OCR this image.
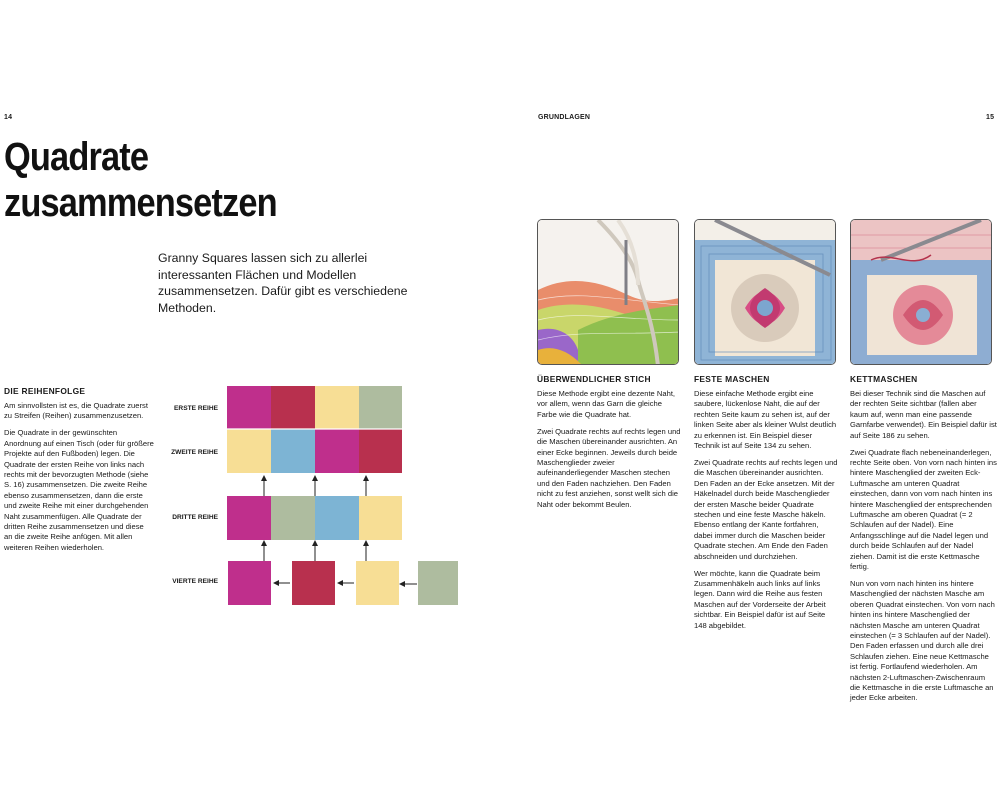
14
Quadrate
zusammensetzen
Granny Squares lassen sich zu allerlei interessanten Flächen und Modellen zusammensetzen. Dafür gibt es verschiedene Methoden.
DIE REIHENFOLGE

Am sinnvollsten ist es, die Quadrate zuerst zu Streifen (Reihen) zusammenzusetzen.

Die Quadrate in der gewünschten Anordnung auf einen Tisch (oder für größere Projekte auf den Fußboden) legen. Die Quadrate der ersten Reihe von links nach rechts mit der bevorzugten Methode (siehe S. 16) zusammensetzen. Die zweite Reihe ebenso zusammensetzen, dann die erste und zweite Reihe mit einer durchgehenden Naht zusammenfügen. Alle Quadrate der dritten Reihe zusammensetzen und diese an die zweite Reihe anfügen. Mit allen weiteren Reihen wiederholen.

ERSTE REIHE
ZWEITE REIHE
DRITTE REIHE
VIERTE REIHE
GRUNDLAGEN	15
ÜBERWENDLICHER STICH

Diese Methode ergibt eine dezente Naht, vor allem, wenn das Garn die gleiche Farbe wie die Quadrate hat.

Zwei Quadrate rechts auf rechts legen und die Maschen übereinander ausrichten. An einer Ecke beginnen. Jeweils durch beide Maschenglieder zweier aufeinanderliegender Maschen stechen und den Faden nachziehen. Den Faden nicht zu fest anziehen, sonst wellt sich die Naht oder bekommt Beulen.

FESTE MASCHEN

Diese einfache Methode ergibt eine saubere, lückenlose Naht, die auf der rechten Seite kaum zu sehen ist, auf der linken Seite aber als kleiner Wulst deutlich zu erkennen ist. Ein Beispiel dieser Technik ist auf Seite 134 zu sehen.

Zwei Quadrate rechts auf rechts legen und die Maschen übereinander ausrichten. Den Faden an der Ecke ansetzen. Mit der Häkelnadel durch beide Maschenglieder der ersten Masche beider Quadrate stechen und eine feste Masche häkeln. Ebenso entlang der Kante fortfahren, dabei immer durch die Maschen beider Quadrate stechen. Am Ende den Faden abschneiden und durchziehen.

Wer möchte, kann die Quadrate beim Zusammenhäkeln auch links auf links legen. Dann wird die Reihe aus festen Maschen auf der Vorderseite der Arbeit sichtbar. Ein Beispiel dafür ist auf Seite 148 abgebildet.

KETTMASCHEN

Bei dieser Technik sind die Maschen auf der rechten Seite sichtbar (fallen aber kaum auf, wenn man eine passende Garnfarbe verwendet). Ein Beispiel dafür ist auf Seite 186 zu sehen.

Zwei Quadrate flach nebeneinanderlegen, rechte Seite oben. Von vorn nach hinten ins hintere Maschenglied der zweiten Eck-Luftmasche am unteren Quadrat einstechen, dann von vorn nach hinten ins hintere Maschenglied der entsprechenden Luftmasche am oberen Quadrat (= 2 Schlaufen auf der Nadel). Eine Anfangsschlinge auf die Nadel legen und durch beide Schlaufen auf der Nadel ziehen. Damit ist die erste Kettmasche fertig.

Nun von vorn nach hinten ins hintere Maschenglied der nächsten Masche am oberen Quadrat einstechen. Von vorn nach hinten ins hintere Maschenglied der nächsten Masche am unteren Quadrat einstechen (= 3 Schlaufen auf der Nadel). Den Faden erfassen und durch alle drei Schlaufen ziehen. Eine neue Kettmasche ist fertig. Fortlaufend wiederholen. Am nächsten 2-Luftmaschen-Zwischenraum die Kettmasche in die erste Luftmasche an jeder Ecke arbeiten.
